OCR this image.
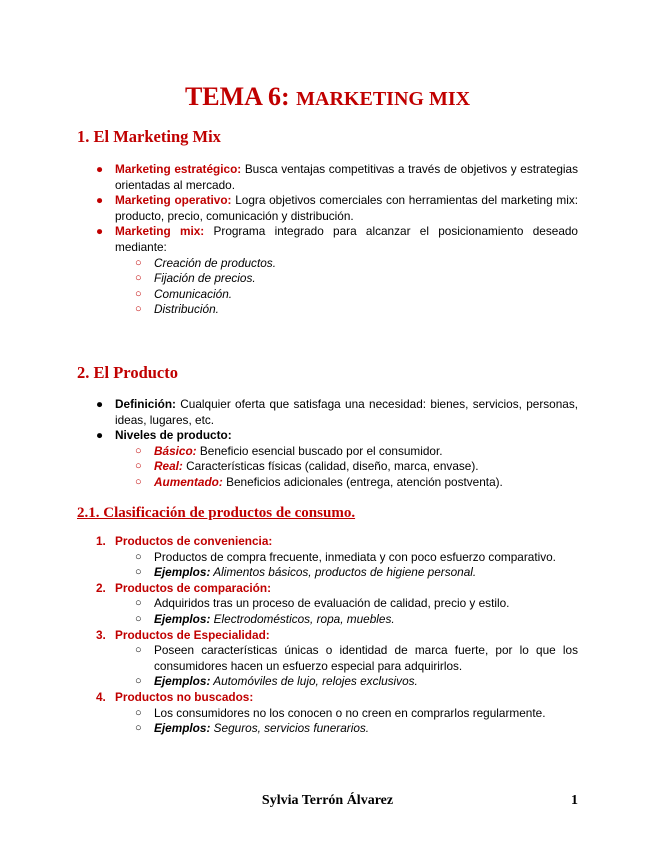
TEMA 6: MARKETING MIX
1. El Marketing Mix
●	Marketing estratégico: Busca ventajas competitivas a través de objetivos y estrategias orientadas al mercado.
●	Marketing operativo: Logra objetivos comerciales con herramientas del marketing mix: producto, precio, comunicación y distribución.
●	Marketing mix: Programa integrado para alcanzar el posicionamiento deseado mediante:
○ Creación de productos.
○ Fijación de precios.
○ Comunicación.
○ Distribución.
2. El Producto
●	Definición: Cualquier oferta que satisfaga una necesidad: bienes, servicios, personas, ideas, lugares, etc.
●	Niveles de producto:
○ Básico: Beneficio esencial buscado por el consumidor.
○ Real: Características físicas (calidad, diseño, marca, envase).
○ Aumentado: Beneficios adicionales (entrega, atención postventa).
2.1. Clasificación de productos de consumo.
1. Productos de conveniencia:
○ Productos de compra frecuente, inmediata y con poco esfuerzo comparativo.
○ Ejemplos: Alimentos básicos, productos de higiene personal.
2. Productos de comparación:
○ Adquiridos tras un proceso de evaluación de calidad, precio y estilo.
○ Ejemplos: Electrodomésticos, ropa, muebles.
3. Productos de Especialidad:
○ Poseen características únicas o identidad de marca fuerte, por lo que los consumidores hacen un esfuerzo especial para adquirirlos.
○ Ejemplos: Automóviles de lujo, relojes exclusivos.
4. Productos no buscados:
○ Los consumidores no los conocen o no creen en comprarlos regularmente.
○ Ejemplos: Seguros, servicios funerarios.
Sylvia Terrón Álvarez	1
